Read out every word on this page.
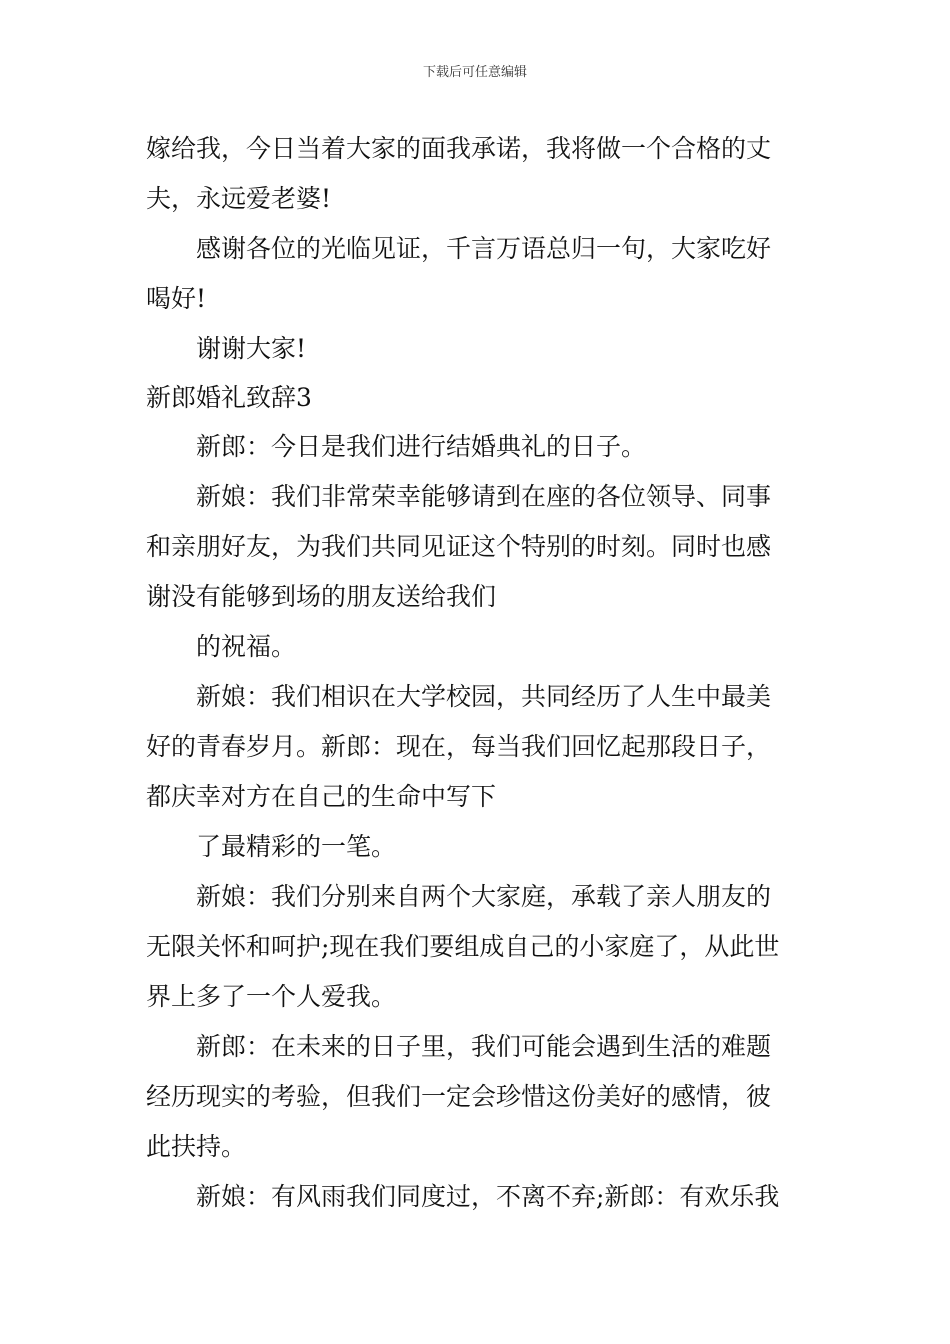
下载后可任意编辑
嫁给我，今日当着大家的面我承诺，我将做一个合格的丈
夫，永远爱老婆!
感谢各位的光临见证，千言万语总归一句，大家吃好
喝好!
谢谢大家!
新郎婚礼致辞3
新郎：今日是我们进行结婚典礼的日子。
新娘：我们非常荣幸能够请到在座的各位领导、同事
和亲朋好友，为我们共同见证这个特别的时刻。同时也感
谢没有能够到场的朋友送给我们
的祝福。
新娘：我们相识在大学校园，共同经历了人生中最美
好的青春岁月。新郎：现在，每当我们回忆起那段日子，
都庆幸对方在自己的生命中写下
了最精彩的一笔。
新娘：我们分别来自两个大家庭，承载了亲人朋友的
无限关怀和呵护;现在我们要组成自己的小家庭了，从此世
界上多了一个人爱我。
新郎：在未来的日子里，我们可能会遇到生活的难题
经历现实的考验，但我们一定会珍惜这份美好的感情，彼
此扶持。
新娘：有风雨我们同度过，不离不弃;新郎：有欢乐我
